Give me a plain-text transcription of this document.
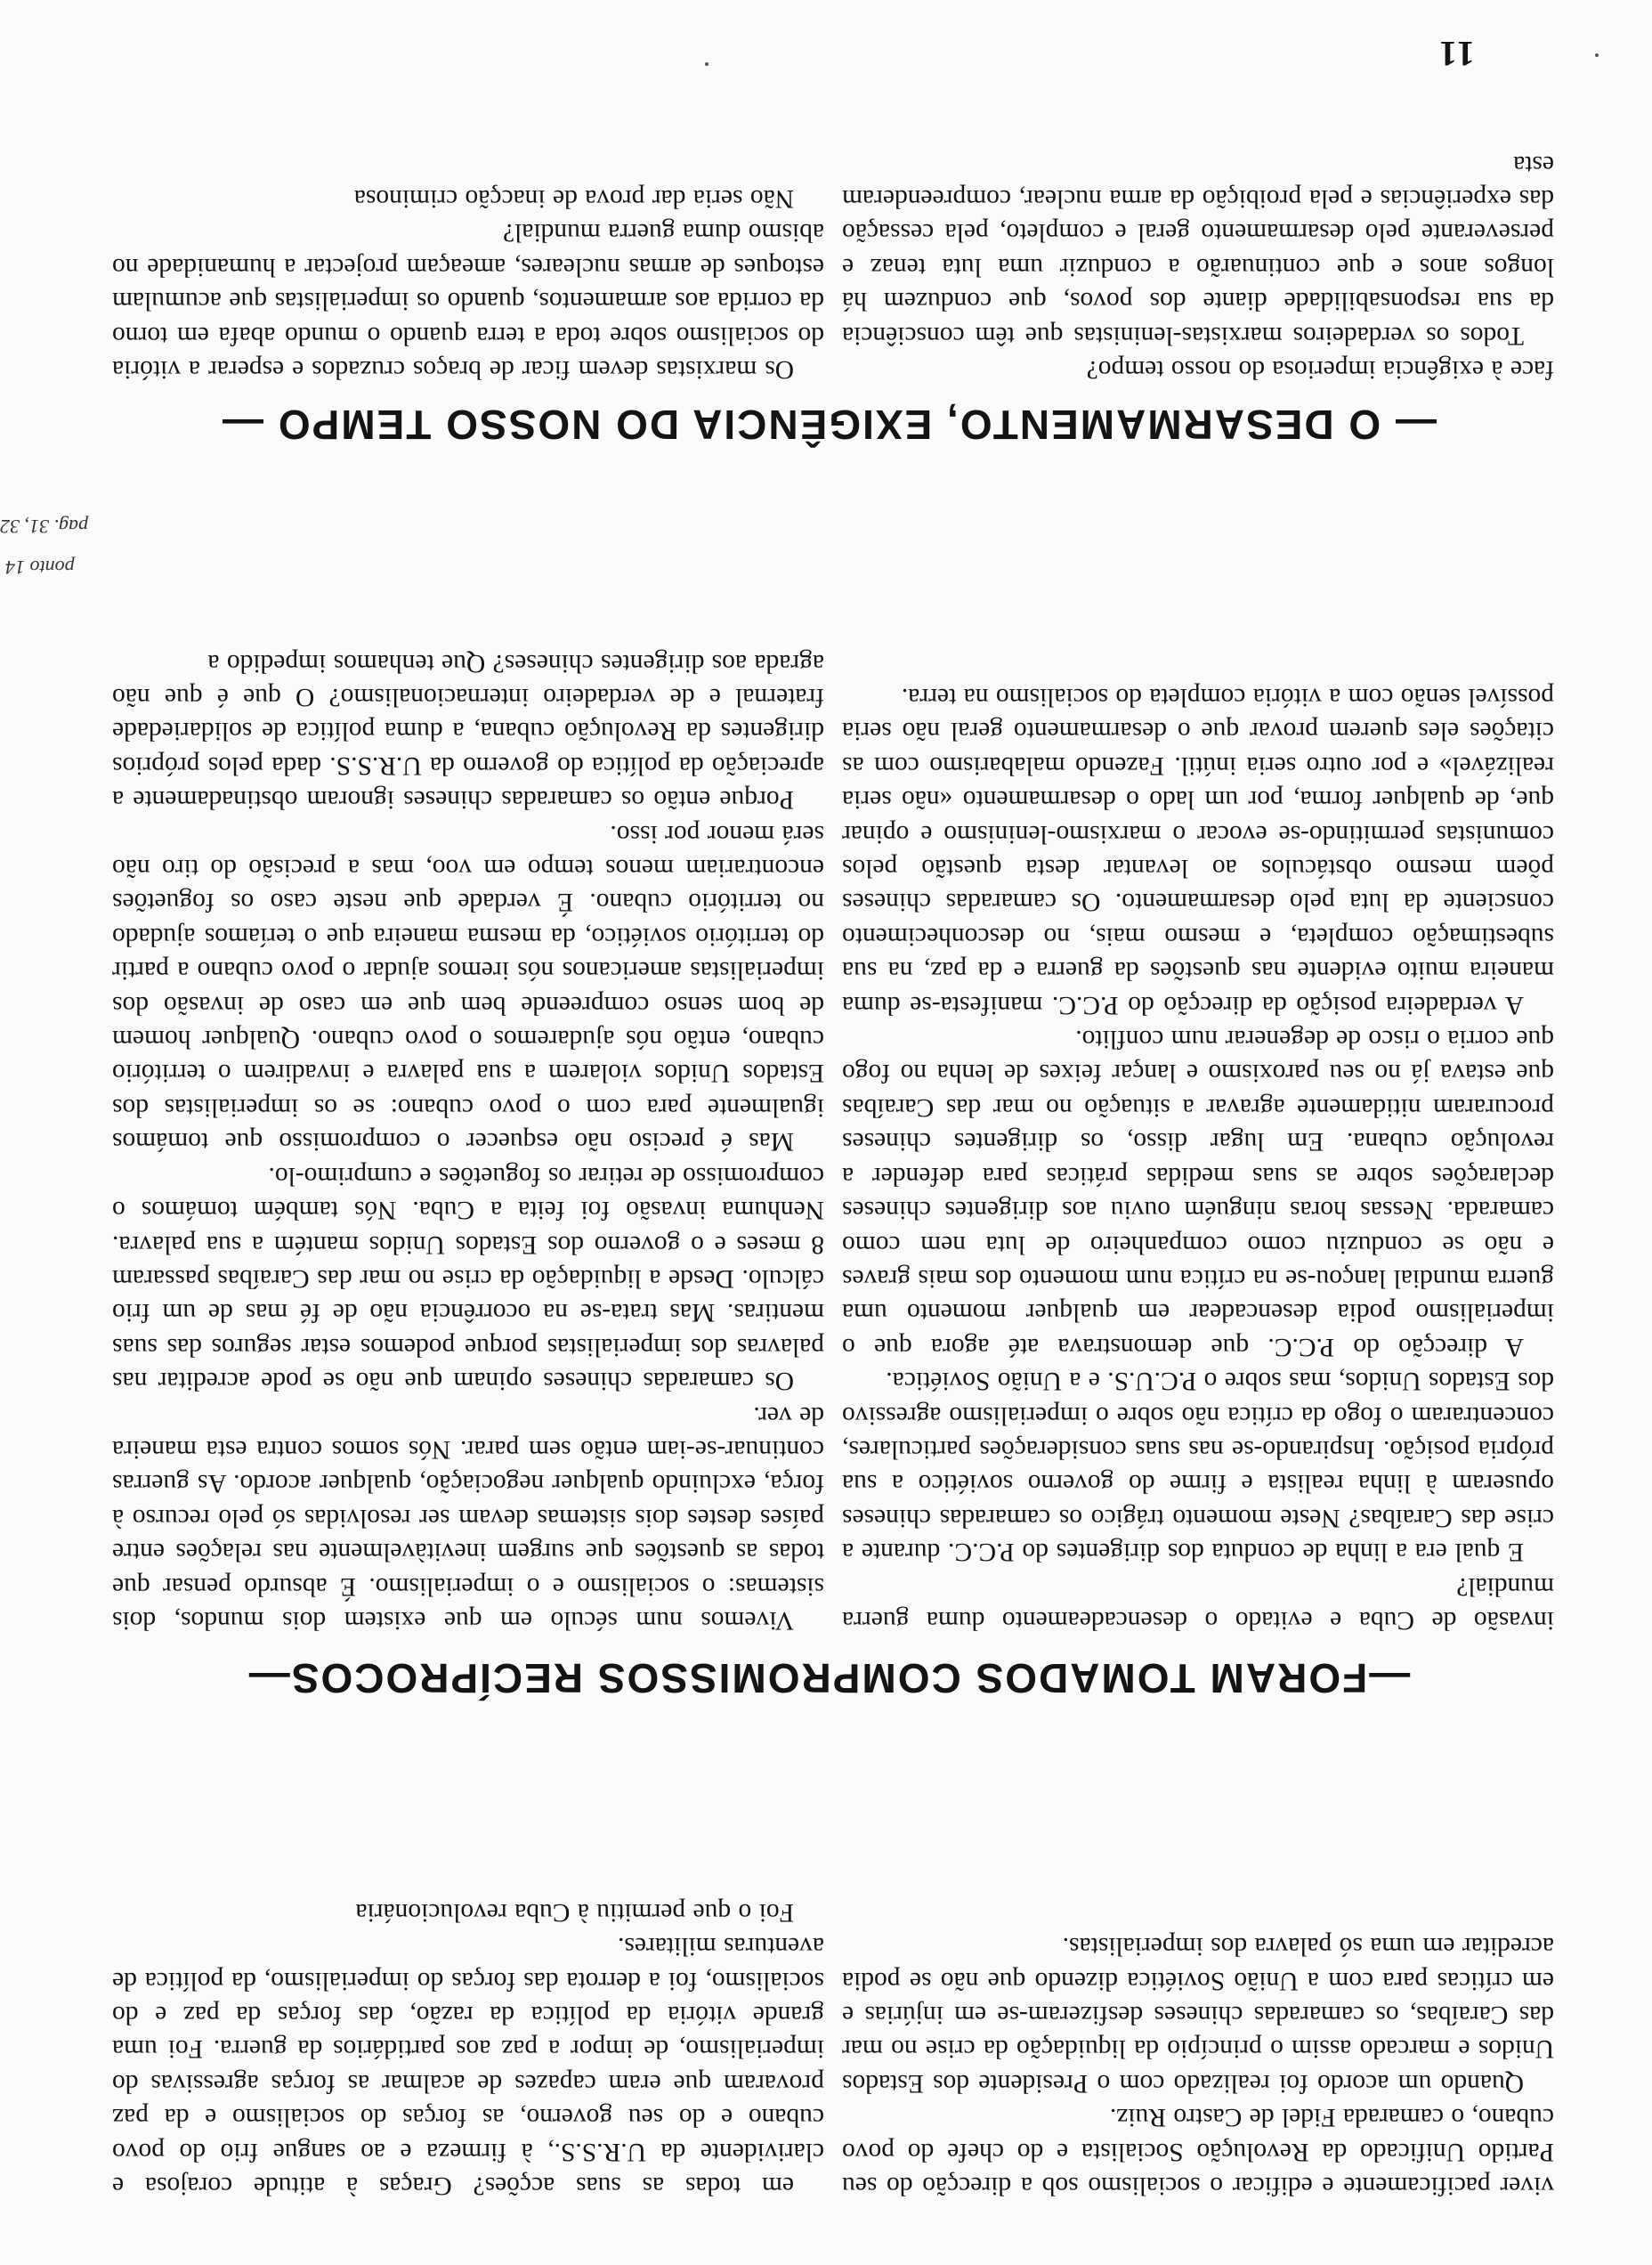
11

viver pacificamente e edificar o socialismo sob a direcção do seu Partido Unificado da Revolução Socialista e do chefe do povo cubano, o camarada Fidel de Castro Ruiz.

Quando um acordo foi realizado com o Presidente dos Estados Unidos e marcado assim o princípio da liquidação da crise no mar das Caraíbas, os camaradas chineses desfizeram-se em injúrias e em críticas para com a União Soviética dizendo que não se podia acreditar em uma só palavra dos imperialistas.

em todas as suas acções? Graças à atitude corajosa e clarividente da U.R.S.S., à firmeza e ao sangue frio do povo cubano e do seu governo, as forças do socialismo e da paz provaram que eram capazes de acalmar as forças agressivas do imperialismo, de impor a paz aos partidários da guerra. Foi uma grande vitória da política da razão, das forças da paz e do socialismo, foi a derrota das forças do imperialismo, da política de aventuras militares.

Foi o que permitiu à Cuba revolucionária

—FORAM TOMADOS COMPROMISSOS RECÍPROCOS—

Vivemos num século em que existem dois mundos, dois sistemas: o socialismo e o imperialismo. É absurdo pensar que todas as questões que surgem inevitàvelmente nas relações entre países destes dois sistemas devam ser resolvidas só pelo recurso à força, excluindo qualquer negociação, qualquer acordo. As guerras continuar-se-iam então sem parar. Nós somos contra esta maneira de ver.

Os camaradas chineses opinam que não se pode acreditar nas palavras dos imperialistas porque podemos estar seguros das suas mentiras. Mas trata-se na ocorrência não de fé mas de um frio cálculo. Desde a liquidação da crise no mar das Caraíbas passaram 8 meses e o governo dos Estados Unidos mantém a sua palavra. Nenhuma invasão foi feita a Cuba. Nós também tomámos o compromisso de retirar os foguetões e cumprimo-lo.

Mas é preciso não esquecer o compromisso que tomámos igualmente para com o povo cubano: se os imperialistas dos Estados Unidos violarem a sua palavra e invadirem o território cubano, então nós ajudaremos o povo cubano. Qualquer homem de bom senso compreende bem que em caso de invasão dos imperialistas americanos nós iremos ajudar o povo cubano a partir do território soviético, da mesma maneira que o teríamos ajudado no território cubano. É verdade que neste caso os foguetões encontrariam menos tempo em voo, mas a precisão do tiro não será menor por isso.

Porque então os camaradas chineses ignoram obstinadamente a apreciação da política do governo da U.R.S.S. dada pelos próprios dirigentes da Revolução cubana, a duma política de solidariedade fraternal e de verdadeiro internacionalismo? O que é que não agrada aos dirigentes chineses? Que tenhamos impedido a

invasão de Cuba e evitado o desencadeamento duma guerra mundial?

E qual era a linha de conduta dos dirigentes do P.C.C. durante a crise das Caraíbas? Neste momento trágico os camaradas chineses opuseram à linha realista e firme do governo soviético a sua própria posição. Inspirando-se nas suas considerações particulares, concentraram o fogo da crítica não sobre o imperialismo agressivo dos Estados Unidos, mas sobre o P.C.U.S. e a União Soviética.

A direcção do P.C.C. que demonstrava até agora que o imperialismo podia desencadear em qualquer momento uma guerra mundial lançou-se na crítica num momento dos mais graves e não se conduziu como companheiro de luta nem como camarada. Nessas horas ninguém ouviu aos dirigentes chineses declarações sobre as suas medidas práticas para defender a revolução cubana. Em lugar disso, os dirigentes chineses procuraram nitidamente agravar a situação no mar das Caraíbas que estava já no seu paroxismo e lançar feixes de lenha no fogo que corria o risco de degenerar num conflito.

A verdadeira posição da direcção do P.C.C. manifesta-se duma maneira muito evidente nas questões da guerra e da paz, na sua subestimação completa, e mesmo mais, no desconhecimento consciente da luta pelo desarmamento. Os camaradas chineses põem mesmo obstáculos ao levantar desta questão pelos comunistas permitindo-se evocar o marxismo-leninismo e opinar que, de qualquer forma, por um lado o desarmamento «não seria realizável» e por outro seria inútil. Fazendo malabarismo com as citações eles querem provar que o desarmamento geral não seria possível senão com a vitória completa do socialismo na terra.

— O DESARMAMENTO, EXIGÊNCIA DO NOSSO TEMPO —

Os marxistas devem ficar de braços cruzados e esperar a vitória do socialismo sobre toda a terra quando o mundo abafa em torno da corrida aos armamentos, quando os imperialistas que acumulam estoques de armas nucleares, ameaçam projectar a humanidade no abismo duma guerra mundial?

Não seria dar prova de inacção criminosa

face à exigência imperiosa do nosso tempo?

Todos os verdadeiros marxistas-leninistas que têm consciência da sua responsabilidade diante dos povos, que conduzem há longos anos e que continuarão a conduzir uma luta tenaz e perseverante pelo desarmamento geral e completo, pela cessação das experiências e pela proibição da arma nuclear, compreenderam esta

ponto 14
pag. 31, 32
